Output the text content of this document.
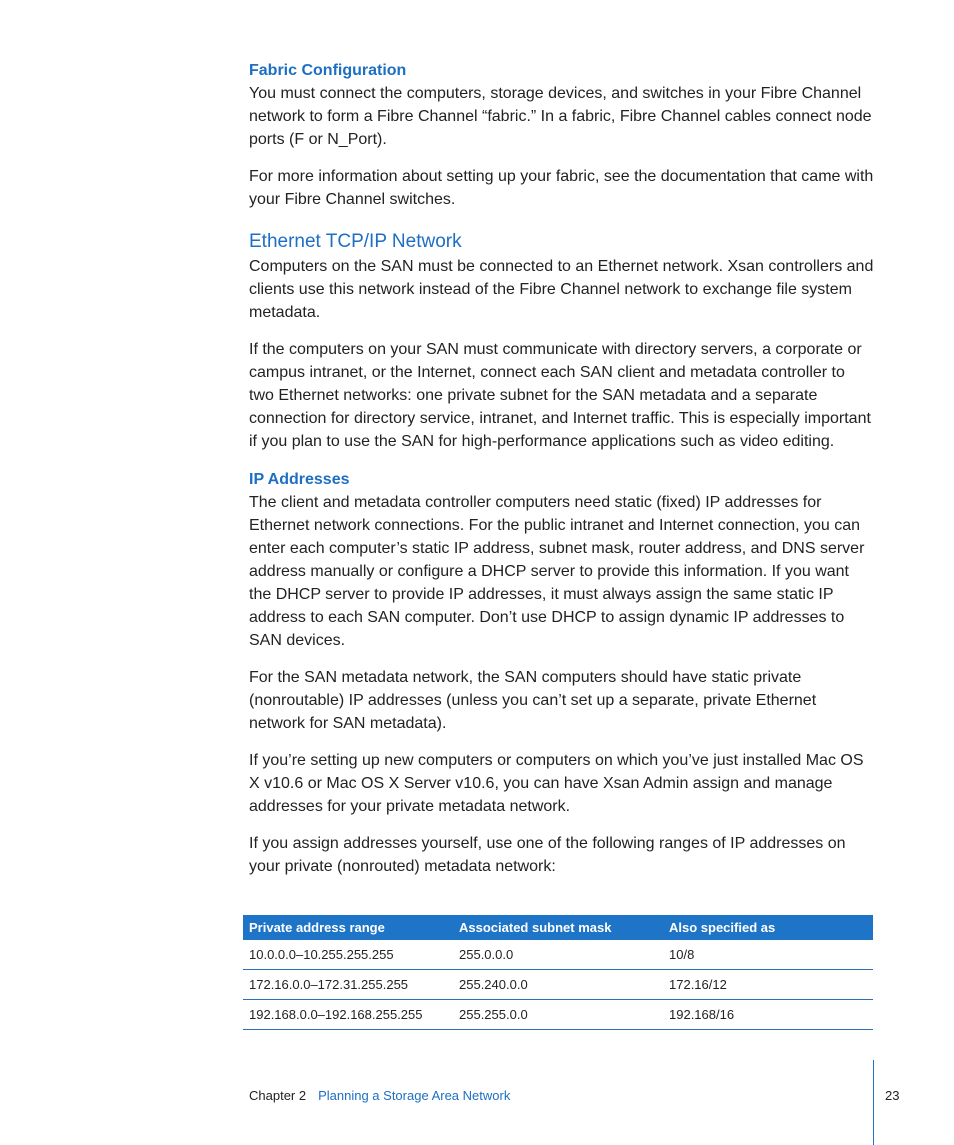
Fabric Configuration

You must connect the computers, storage devices, and switches in your Fibre Channel network to form a Fibre Channel “fabric.” In a fabric, Fibre Channel cables connect node ports (F or N_Port).

For more information about setting up your fabric, see the documentation that came with your Fibre Channel switches.

Ethernet TCP/IP Network

Computers on the SAN must be connected to an Ethernet network. Xsan controllers and clients use this network instead of the Fibre Channel network to exchange file system metadata.

If the computers on your SAN must communicate with directory servers, a corporate or campus intranet, or the Internet, connect each SAN client and metadata controller to two Ethernet networks: one private subnet for the SAN metadata and a separate connection for directory service, intranet, and Internet traffic. This is especially important if you plan to use the SAN for high-performance applications such as video editing.

IP Addresses

The client and metadata controller computers need static (fixed) IP addresses for Ethernet network connections. For the public intranet and Internet connection, you can enter each computer’s static IP address, subnet mask, router address, and DNS server address manually or configure a DHCP server to provide this information. If you want the DHCP server to provide IP addresses, it must always assign the same static IP address to each SAN computer. Don’t use DHCP to assign dynamic IP addresses to SAN devices.

For the SAN metadata network, the SAN computers should have static private (nonroutable) IP addresses (unless you can’t set up a separate, private Ethernet network for SAN metadata).

If you’re setting up new computers or computers on which you’ve just installed Mac OS X v10.6 or Mac OS X Server v10.6, you can have Xsan Admin assign and manage addresses for your private metadata network.

If you assign addresses yourself, use one of the following ranges of IP addresses on your private (nonrouted) metadata network:

Private address range	Associated subnet mask	Also specified as
10.0.0.0–10.255.255.255	255.0.0.0	10/8
172.16.0.0–172.31.255.255	255.240.0.0	172.16/12
192.168.0.0–192.168.255.255	255.255.0.0	192.168/16
Chapter 2 Planning a Storage Area Network	23
